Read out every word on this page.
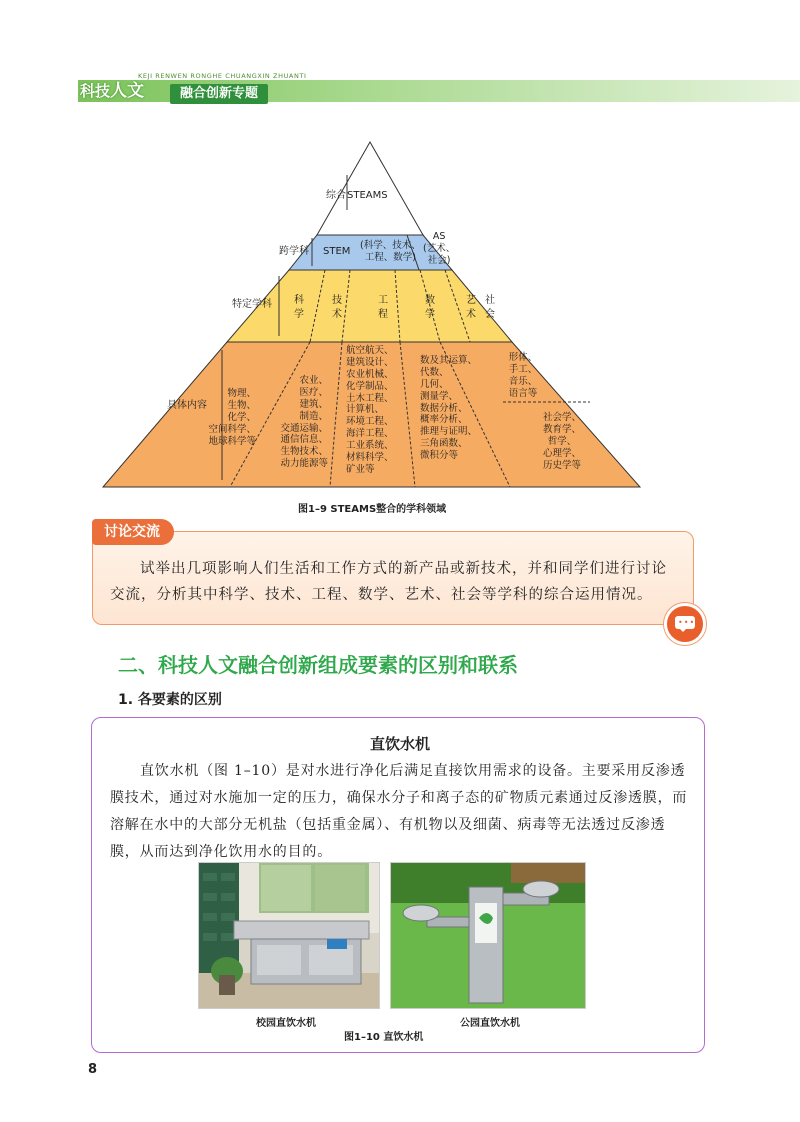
KEJI RENWEN RONGHE CHUANGXIN ZHUANTI
科技人文	融合创新专题
综合
跨学科
特定学科
具体内容
STEAMS
STEM
(科学、技术、
工程、数学)
AS
(艺术、
社会)
科学	技术	工程	数学	艺术 社会
物理、
生物、
化学、
空间科学、
地球科学等
农业、
医疗、
建筑、
制造、
交通运输、
通信信息、
生物技术、
动力能源等
航空航天、
建筑设计、
农业机械、
化学制品、
土木工程、
计算机、
环境工程、
海洋工程、
工业系统、
材料科学、
矿业等
数及其运算、
代数、
几何、
测量学、
数据分析、
概率分析、
推理与证明、
三角函数、
微积分等
形体、
手工、
音乐、
语言等
社会学、
教育学、
哲学、
心理学、
历史学等
图1–9 STEAMS整合的学科领域
讨论交流
试举出几项影响人们生活和工作方式的新产品或新技术，并和同学们进行讨论交流，分析其中科学、技术、工程、数学、艺术、社会等学科的综合运用情况。
•••
二、科技人文融合创新组成要素的区别和联系
1. 各要素的区别
直饮水机
直饮水机（图 1–10）是对水进行净化后满足直接饮用需求的设备。主要采用反渗透膜技术，通过对水施加一定的压力，确保水分子和离子态的矿物质元素通过反渗透膜，而溶解在水中的大部分无机盐（包括重金属）、有机物以及细菌、病毒等无法透过反渗透膜，从而达到净化饮用水的目的。
校园直饮水机	公园直饮水机
图1–10 直饮水机
8
